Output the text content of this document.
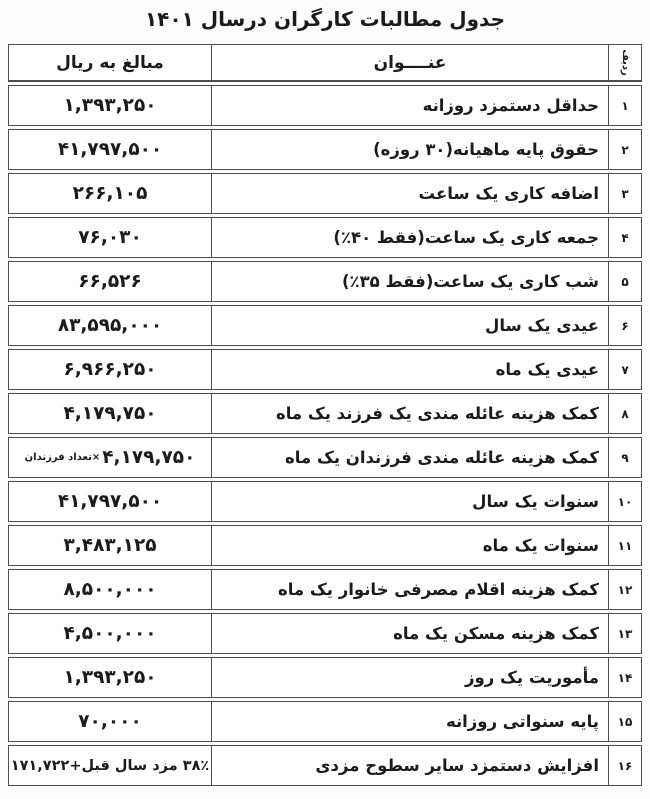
جدول مطالبات کارگران درسال ۱۴۰۱
ردیف
عنــــوان
مبالغ به ریال
۱
حداقل دستمزد روزانه
۱,۳۹۳,۲۵۰
۲
حقوق پایه ماهیانه(۳۰ روزه)
۴۱,۷۹۷,۵۰۰
۳
اضافه کاری یک ساعت
۲۶۶,۱۰۵
۴
جمعه کاری یک ساعت(فقط ۴۰٪)
۷۶,۰۳۰
۵
شب کاری یک ساعت(فقط ۳۵٪)
۶۶,۵۲۶
۶
عیدی یک سال
۸۳,۵۹۵,۰۰۰
۷
عیدی یک ماه
۶,۹۶۶,۲۵۰
۸
کمک هزینه عائله مندی یک فرزند یک ماه
۴,۱۷۹,۷۵۰
۹
کمک هزینه عائله مندی فرزندان یک ماه
۴,۱۷۹,۷۵۰
×تعداد فرزندان
۱۰
سنوات یک سال
۴۱,۷۹۷,۵۰۰
۱۱
سنوات یک ماه
۳,۴۸۳,۱۲۵
۱۲
کمک هزینه اقلام مصرفی خانوار یک ماه
۸,۵۰۰,۰۰۰
۱۳
کمک هزینه مسکن یک ماه
۴,۵۰۰,۰۰۰
۱۴
مأموریت یک روز
۱,۳۹۳,۲۵۰
۱۵
پایه سنواتی روزانه
۷۰,۰۰۰
۱۶
افزایش دستمزد سایر سطوح مزدی
۳۸٪ مزد سال قبل+۱۷۱,۷۲۲
